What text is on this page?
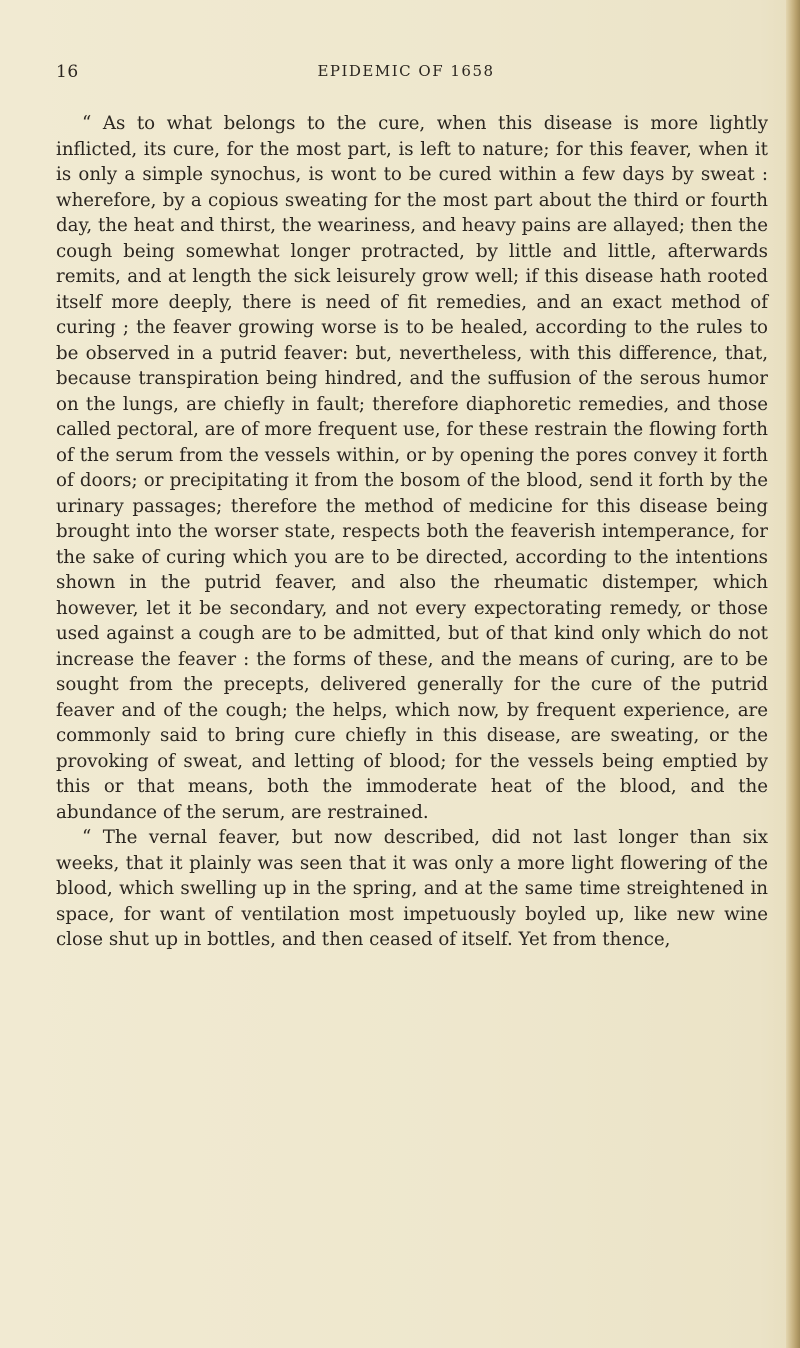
16	EPIDEMIC OF 1658

“ As to what belongs to the cure, when this disease is more lightly inflicted, its cure, for the most part, is left to nature; for this feaver, when it is only a simple synochus, is wont to be cured within a few days by sweat : wherefore, by a copious sweating for the most part about the third or fourth day, the heat and thirst, the weariness, and heavy pains are allayed; then the cough being somewhat longer protracted, by little and little, afterwards remits, and at length the sick leisurely grow well; if this disease hath rooted itself more deeply, there is need of fit remedies, and an exact method of curing ; the feaver growing worse is to be healed, according to the rules to be observed in a putrid feaver: but, nevertheless, with this difference, that, because transpiration being hindred, and the suffusion of the serous humor on the lungs, are chiefly in fault; therefore diaphoretic remedies, and those called pectoral, are of more frequent use, for these restrain the flowing forth of the serum from the vessels within, or by opening the pores convey it forth of doors; or precipitating it from the bosom of the blood, send it forth by the urinary passages; therefore the method of medicine for this disease being brought into the worser state, respects both the feaverish intemperance, for the sake of curing which you are to be directed, according to the intentions shown in the putrid feaver, and also the rheumatic distemper, which however, let it be secondary, and not every expectorating remedy, or those used against a cough are to be admitted, but of that kind only which do not increase the feaver : the forms of these, and the means of curing, are to be sought from the precepts, delivered generally for the cure of the putrid feaver and of the cough; the helps, which now, by frequent experience, are commonly said to bring cure chiefly in this disease, are sweating, or the provoking of sweat, and letting of blood; for the vessels being emptied by this or that means, both the immoderate heat of the blood, and the abundance of the serum, are restrained.

“ The vernal feaver, but now described, did not last longer than six weeks, that it plainly was seen that it was only a more light flowering of the blood, which swelling up in the spring, and at the same time streightened in space, for want of ventilation most impetuously boyled up, like new wine close shut up in bottles, and then ceased of itself. Yet from thence,
